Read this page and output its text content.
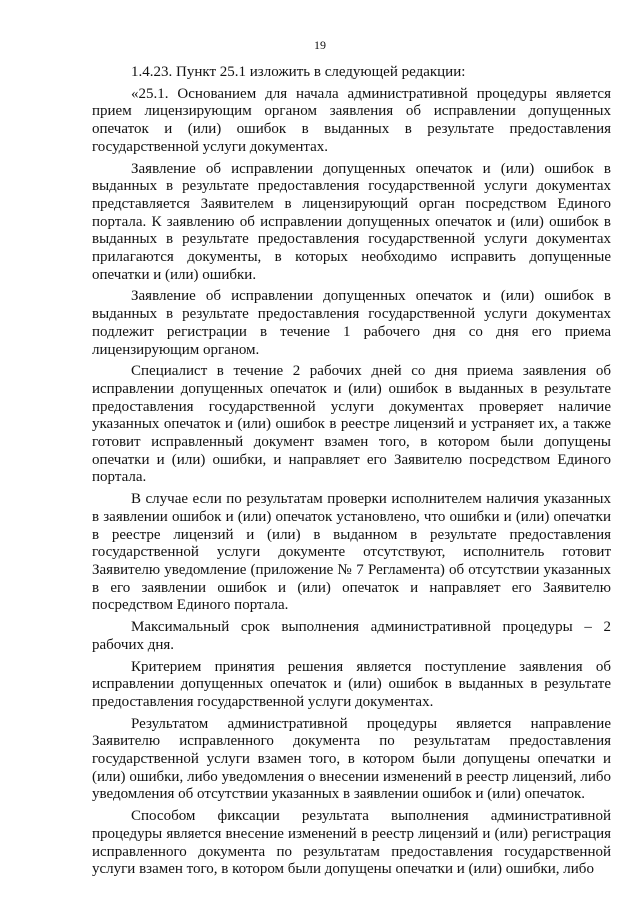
19

1.4.23. Пункт 25.1 изложить в следующей редакции:

«25.1. Основанием для начала административной процедуры является прием лицензирующим органом заявления об исправлении допущенных опечаток и (или) ошибок в выданных в результате предоставления государственной услуги документах.

Заявление об исправлении допущенных опечаток и (или) ошибок в выданных в результате предоставления государственной услуги документах представляется Заявителем в лицензирующий орган посредством Единого портала. К заявлению об исправлении допущенных опечаток и (или) ошибок в выданных в результате предоставления государственной услуги документах прилагаются документы, в которых необходимо исправить допущенные опечатки и (или) ошибки.

Заявление об исправлении допущенных опечаток и (или) ошибок в выданных в результате предоставления государственной услуги документах подлежит регистрации в течение 1 рабочего дня со дня его приема лицензирующим органом.

Специалист в течение 2 рабочих дней со дня приема заявления об исправлении допущенных опечаток и (или) ошибок в выданных в результате предоставления государственной услуги документах проверяет наличие указанных опечаток и (или) ошибок в реестре лицензий и устраняет их, а также готовит исправленный документ взамен того, в котором были допущены опечатки и (или) ошибки, и направляет его Заявителю посредством Единого портала.

В случае если по результатам проверки исполнителем наличия указанных в заявлении ошибок и (или) опечаток установлено, что ошибки и (или) опечатки в реестре лицензий и (или) в выданном в результате предоставления государственной услуги документе отсутствуют, исполнитель готовит Заявителю уведомление (приложение № 7 Регламента) об отсутствии указанных в его заявлении ошибок и (или) опечаток и направляет его Заявителю посредством Единого портала.

Максимальный срок выполнения административной процедуры – 2 рабочих дня.

Критерием принятия решения является поступление заявления об исправлении допущенных опечаток и (или) ошибок в выданных в результате предоставления государственной услуги документах.

Результатом административной процедуры является направление Заявителю исправленного документа по результатам предоставления государственной услуги взамен того, в котором были допущены опечатки и (или) ошибки, либо уведомления о внесении изменений в реестр лицензий, либо уведомления об отсутствии указанных в заявлении ошибок и (или) опечаток.

Способом фиксации результата выполнения административной процедуры является внесение изменений в реестр лицензий и (или) регистрация исправленного документа по результатам предоставления государственной услуги взамен того, в котором были допущены опечатки и (или) ошибки, либо
